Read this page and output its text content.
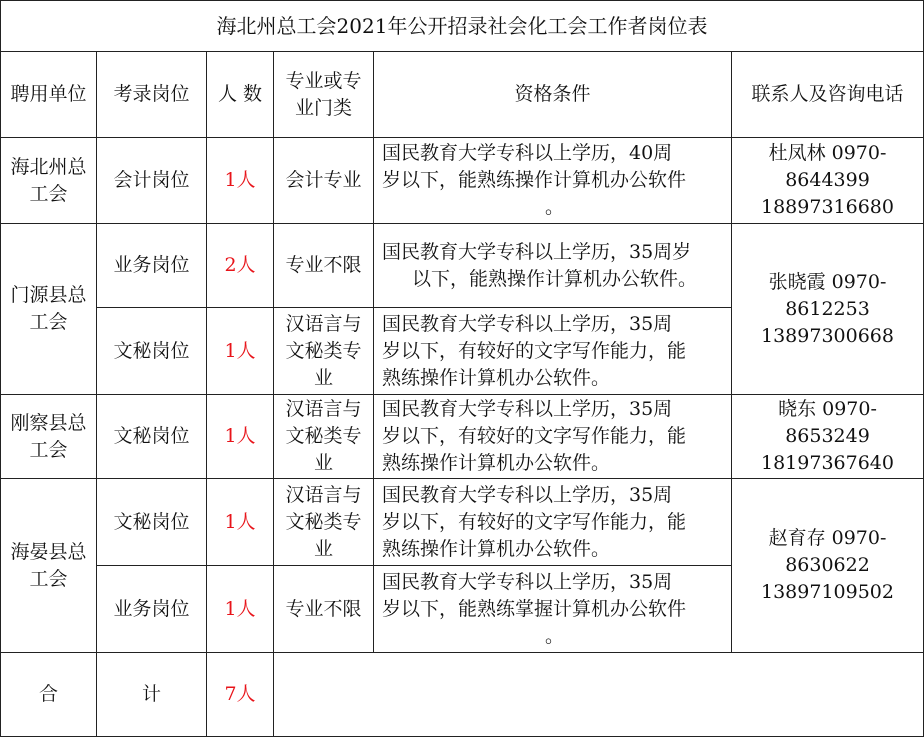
海北州总工会2021年公开招录社会化工会工作者岗位表					
聘用单位	考录岗位	人 数	专业或专
业门类	资格条件	联系人及咨询电话
海北州总工会	会计岗位	1人	会计专业	国民教育大学专科以上学历，40周
岁以下，能熟练操作计算机办公软件
。	杜凤林 0970-
8644399
18897316680

门源县总工会	业务岗位	2人	专业不限	国民教育大学专科以上学历，35周岁
以下，能熟操作计算机办公软件。	张晓霞 0970-
8612253
13897300668

	文秘岗位	1人	汉语言与文秘类专业	国民教育大学专科以上学历，35周
岁以下，有较好的文字写作能力，能
熟练操作计算机办公软件。	

刚察县总工会	文秘岗位	1人	汉语言与文秘类专业	国民教育大学专科以上学历，35周
岁以下，有较好的文字写作能力，能
熟练操作计算机办公软件。	晓东 0970-
8653249
18197367640

海晏县总工会	文秘岗位	1人	汉语言与文秘类专业	国民教育大学专科以上学历，35周
岁以下，有较好的文字写作能力，能
熟练操作计算机办公软件。	赵育存 0970-
8630622
13897109502

	业务岗位	1人	专业不限	国民教育大学专科以上学历，35周
岁以下，能熟练掌握计算机办公软件
。	

合	计	7人			
